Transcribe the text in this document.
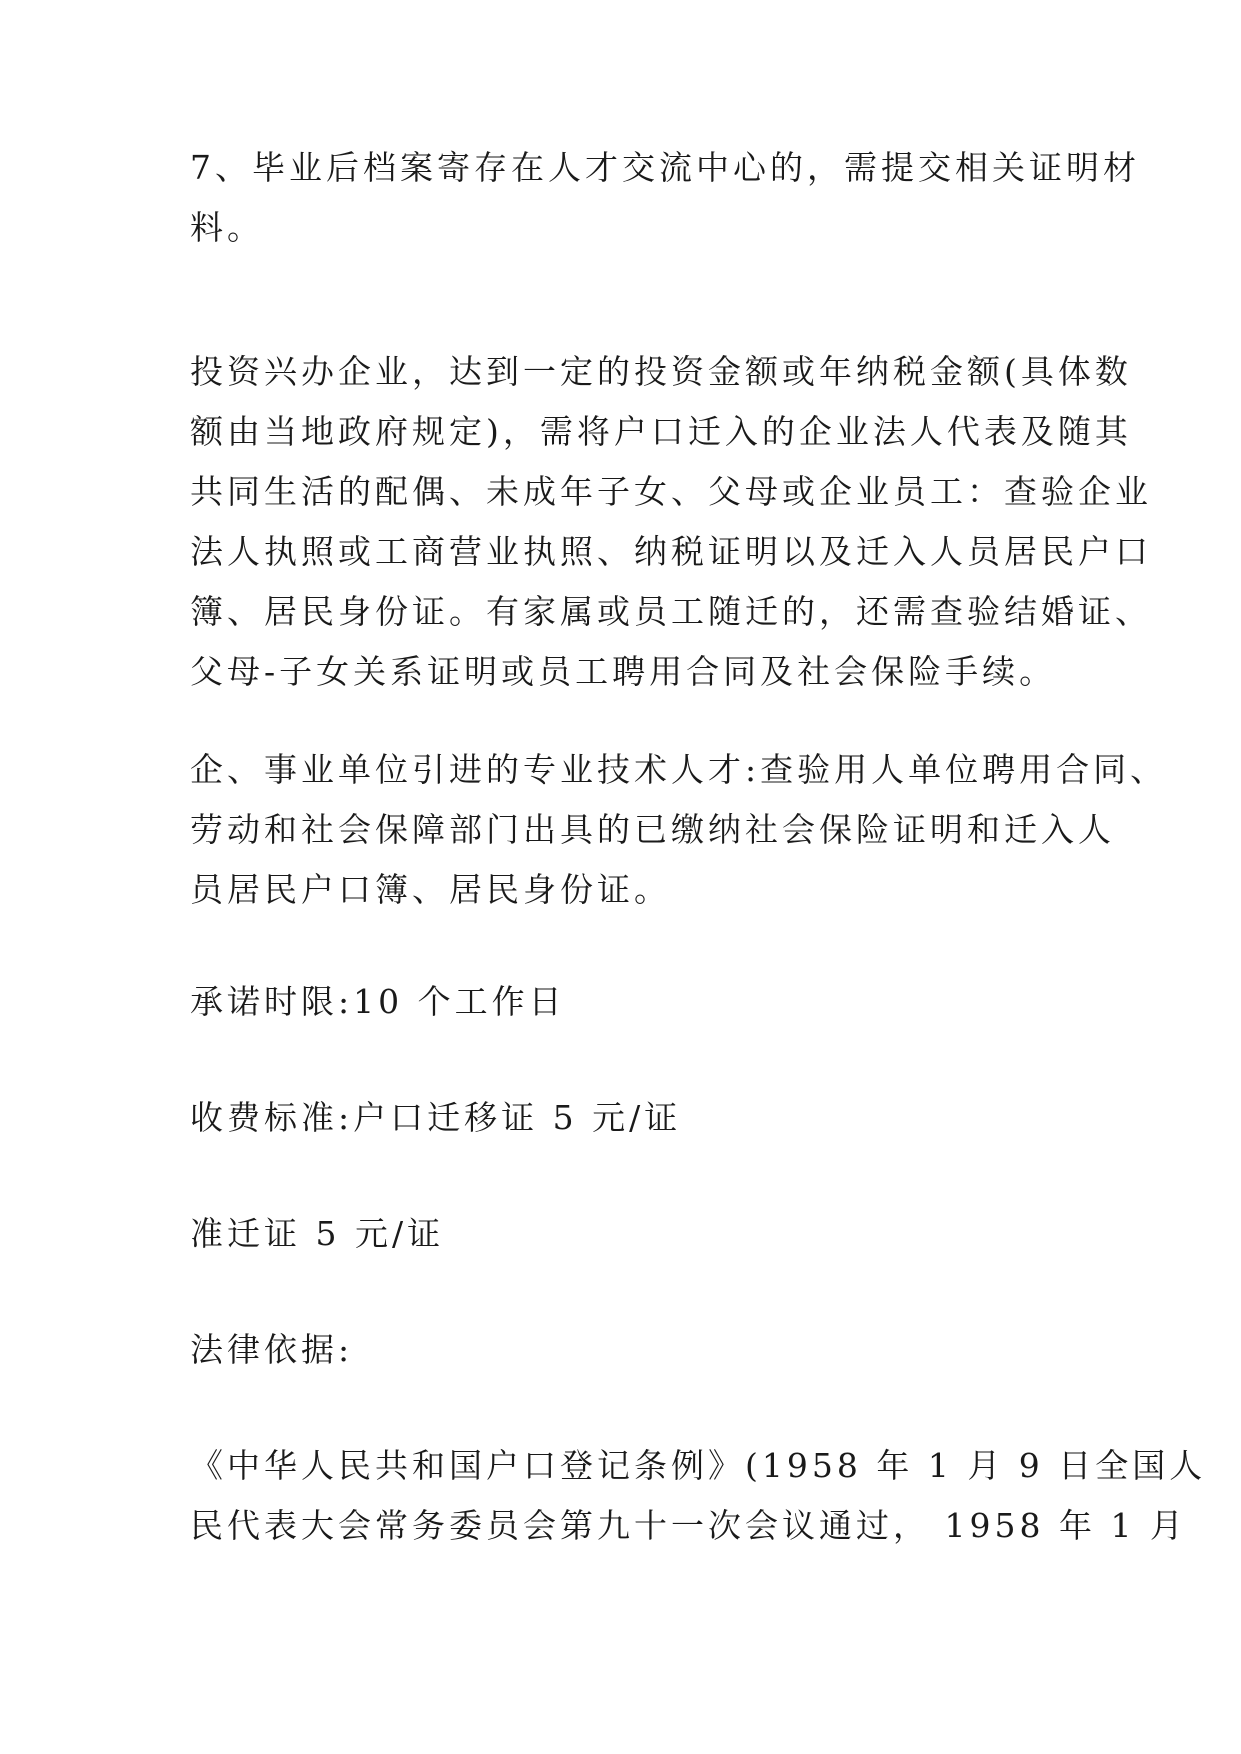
7、毕业后档案寄存在人才交流中心的，需提交相关证明材
料。

投资兴办企业，达到一定的投资金额或年纳税金额(具体数
额由当地政府规定)，需将户口迁入的企业法人代表及随其
共同生活的配偶、未成年子女、父母或企业员工：查验企业
法人执照或工商营业执照、纳税证明以及迁入人员居民户口
簿、居民身份证。有家属或员工随迁的，还需查验结婚证、
父母-子女关系证明或员工聘用合同及社会保险手续。

企、事业单位引进的专业技术人才:查验用人单位聘用合同、
劳动和社会保障部门出具的已缴纳社会保险证明和迁入人
员居民户口簿、居民身份证。

承诺时限:10 个工作日

收费标准:户口迁移证 5 元/证

准迁证 5 元/证

法律依据:

《中华人民共和国户口登记条例》(1958 年 1 月 9 日全国人
民代表大会常务委员会第九十一次会议通过， 1958 年 1 月
